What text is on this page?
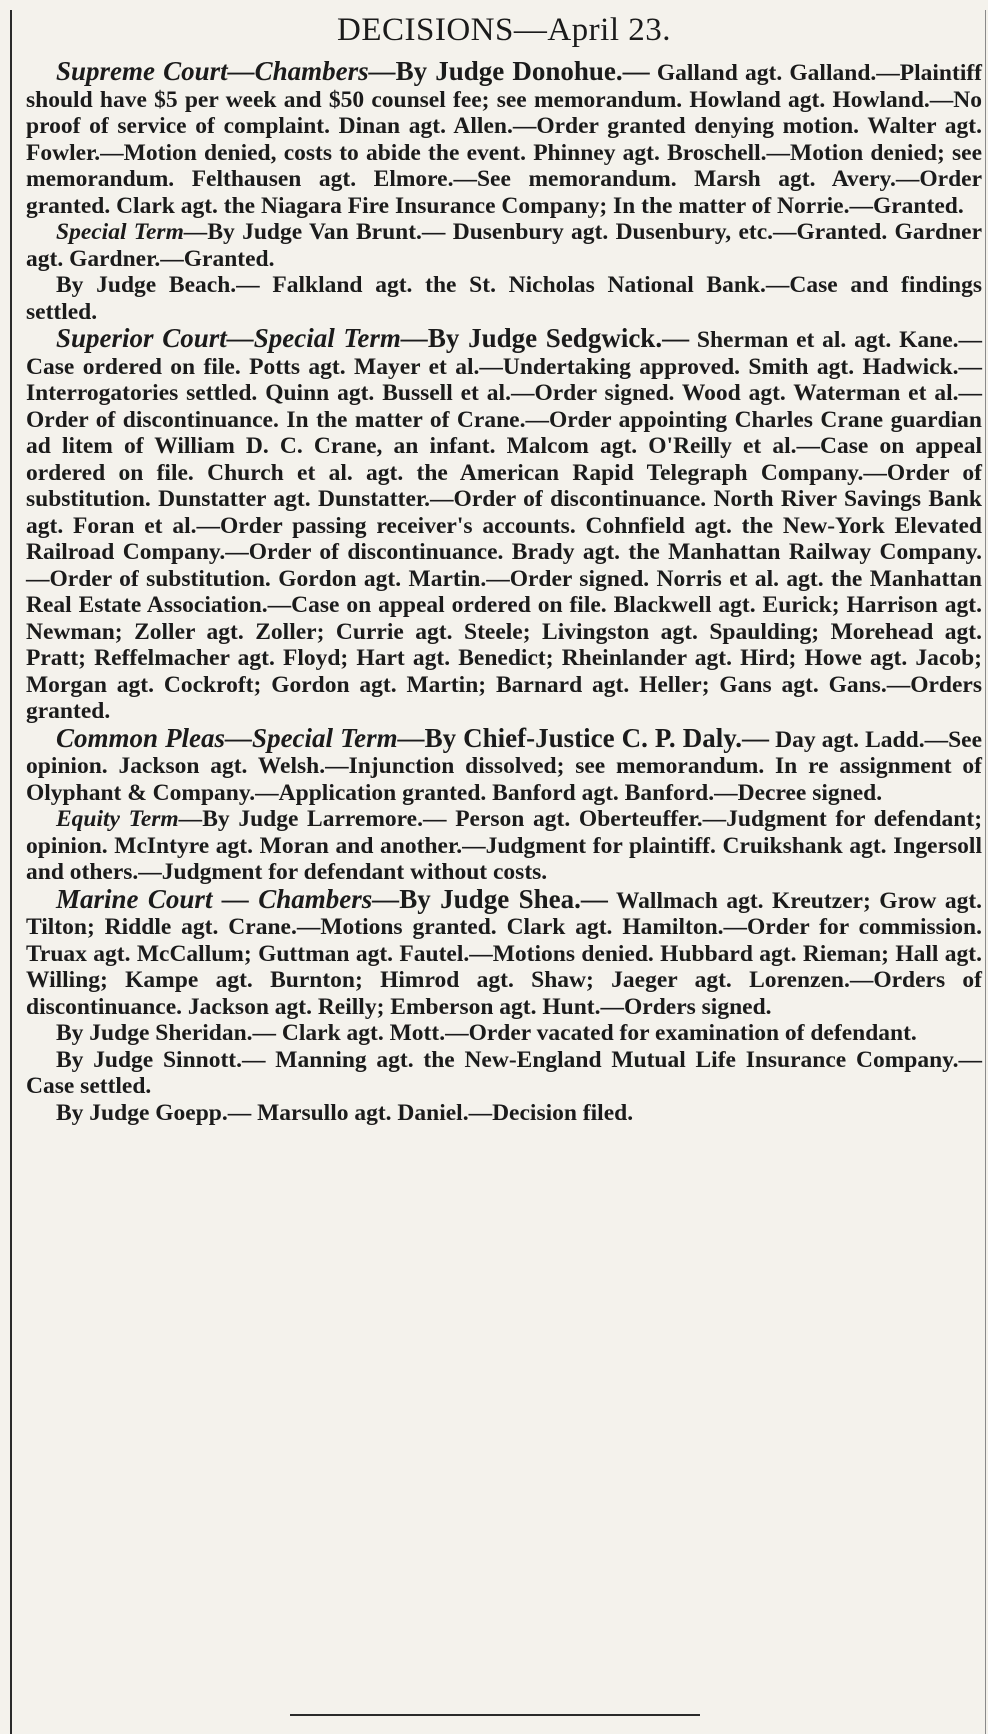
DECISIONS—April 23.

Supreme Court—Chambers—By Judge Donohue.— Galland agt. Galland.—Plaintiff should have $5 per week and $50 counsel fee; see memorandum. Howland agt. Howland.—No proof of service of complaint. Dinan agt. Allen.—Order granted denying motion. Walter agt. Fowler.—Motion denied, costs to abide the event. Phinney agt. Broschell.—Motion denied; see memorandum. Felthausen agt. Elmore.—See memorandum. Marsh agt. Avery.—Order granted. Clark agt. the Niagara Fire Insurance Company; In the matter of Norrie.—Granted.

Special Term—By Judge Van Brunt.— Dusenbury agt. Dusenbury, etc.—Granted. Gardner agt. Gardner.—Granted.

By Judge Beach.— Falkland agt. the St. Nicholas National Bank.—Case and findings settled.

Superior Court—Special Term—By Judge Sedgwick.— Sherman et al. agt. Kane.—Case ordered on file. Potts agt. Mayer et al.—Undertaking approved. Smith agt. Hadwick.—Interrogatories settled. Quinn agt. Bussell et al.—Order signed. Wood agt. Waterman et al.—Order of discontinuance. In the matter of Crane.—Order appointing Charles Crane guardian ad litem of William D. C. Crane, an infant. Malcom agt. O'Reilly et al.—Case on appeal ordered on file. Church et al. agt. the American Rapid Telegraph Company.—Order of substitution. Dunstatter agt. Dunstatter.—Order of discontinuance. North River Savings Bank agt. Foran et al.—Order passing receiver's accounts. Cohnfield agt. the New-York Elevated Railroad Company.—Order of discontinuance. Brady agt. the Manhattan Railway Company.—Order of substitution. Gordon agt. Martin.—Order signed. Norris et al. agt. the Manhattan Real Estate Association.—Case on appeal ordered on file. Blackwell agt. Eurick; Harrison agt. Newman; Zoller agt. Zoller; Currie agt. Steele; Livingston agt. Spaulding; Morehead agt. Pratt; Reffelmacher agt. Floyd; Hart agt. Benedict; Rheinlander agt. Hird; Howe agt. Jacob; Morgan agt. Cockroft; Gordon agt. Martin; Barnard agt. Heller; Gans agt. Gans.—Orders granted.

Common Pleas—Special Term—By Chief-Justice C. P. Daly.— Day agt. Ladd.—See opinion. Jackson agt. Welsh.—Injunction dissolved; see memorandum. In re assignment of Olyphant & Company.—Application granted. Banford agt. Banford.—Decree signed.

Equity Term—By Judge Larremore.— Person agt. Oberteuffer.—Judgment for defendant; opinion. McIntyre agt. Moran and another.—Judgment for plaintiff. Cruikshank agt. Ingersoll and others.—Judgment for defendant without costs.

Marine Court — Chambers—By Judge Shea.— Wallmach agt. Kreutzer; Grow agt. Tilton; Riddle agt. Crane.—Motions granted. Clark agt. Hamilton.—Order for commission. Truax agt. McCallum; Guttman agt. Fautel.—Motions denied. Hubbard agt. Rieman; Hall agt. Willing; Kampe agt. Burnton; Himrod agt. Shaw; Jaeger agt. Lorenzen.—Orders of discontinuance. Jackson agt. Reilly; Emberson agt. Hunt.—Orders signed.

By Judge Sheridan.— Clark agt. Mott.—Order vacated for examination of defendant.

By Judge Sinnott.— Manning agt. the New-England Mutual Life Insurance Company.—Case settled.

By Judge Goepp.— Marsullo agt. Daniel.—Decision filed.
